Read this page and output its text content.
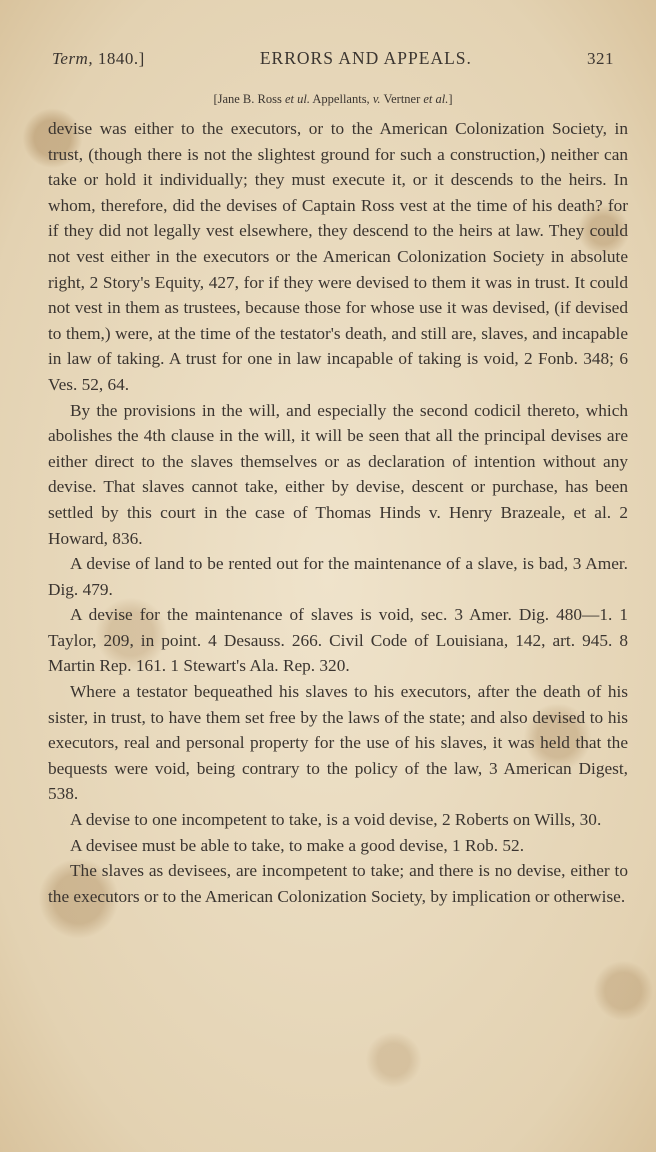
Term, 1840.]	ERRORS AND APPEALS.	321
[Jane B. Ross et ul. Appellants, v. Vertner et al.]

devise was either to the executors, or to the American Colonization Society, in trust, (though there is not the slightest ground for such a construction,) neither can take or hold it individually; they must execute it, or it descends to the heirs. In whom, therefore, did the devises of Captain Ross vest at the time of his death? for if they did not legally vest elsewhere, they descend to the heirs at law. They could not vest either in the executors or the American Colonization Society in absolute right, 2 Story's Equity, 427, for if they were devised to them it was in trust. It could not vest in them as trustees, because those for whose use it was devised, (if devised to them,) were, at the time of the testator's death, and still are, slaves, and incapable in law of taking. A trust for one in law incapable of taking is void, 2 Fonb. 348; 6 Ves. 52, 64.

By the provisions in the will, and especially the second codicil thereto, which abolishes the 4th clause in the will, it will be seen that all the principal devises are either direct to the slaves themselves or as declaration of intention without any devise. That slaves cannot take, either by devise, descent or purchase, has been settled by this court in the case of Thomas Hinds v. Henry Brazeale, et al. 2 Howard, 836.

A devise of land to be rented out for the maintenance of a slave, is bad, 3 Amer. Dig. 479.

A devise for the maintenance of slaves is void, sec. 3 Amer. Dig. 480—1. 1 Taylor, 209, in point. 4 Desauss. 266. Civil Code of Louisiana, 142, art. 945. 8 Martin Rep. 161. 1 Stewart's Ala. Rep. 320.

Where a testator bequeathed his slaves to his executors, after the death of his sister, in trust, to have them set free by the laws of the state; and also devised to his executors, real and personal property for the use of his slaves, it was held that the bequests were void, being contrary to the policy of the law, 3 American Digest, 538.

A devise to one incompetent to take, is a void devise, 2 Roberts on Wills, 30.

A devisee must be able to take, to make a good devise, 1 Rob. 52.

The slaves as devisees, are incompetent to take; and there is no devise, either to the executors or to the American Colonization Society, by implication or otherwise.
